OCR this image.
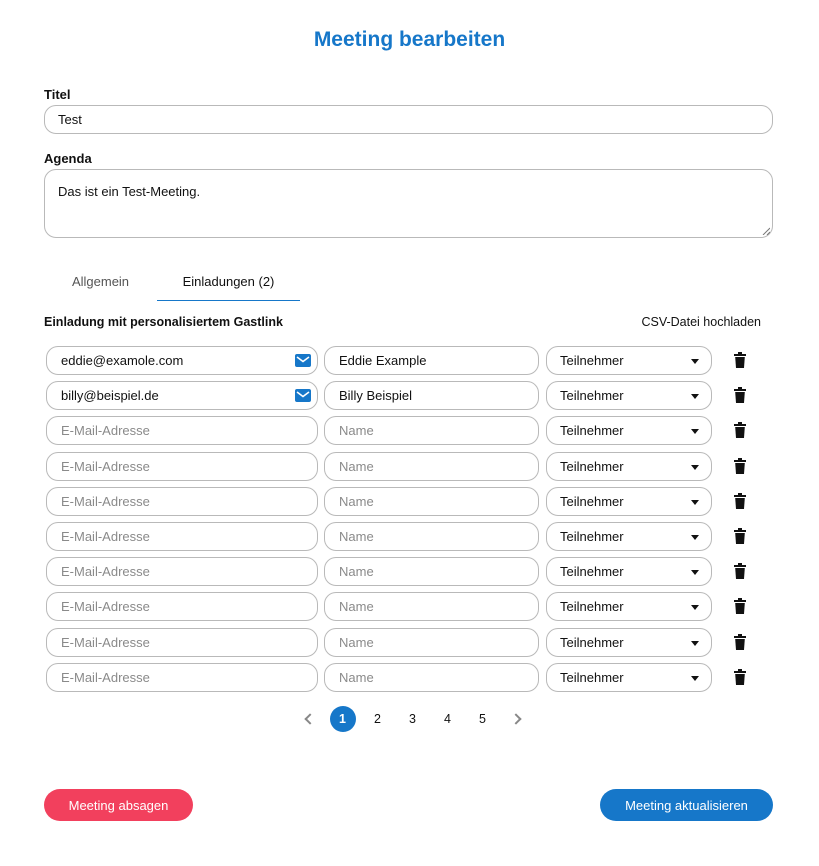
Meeting bearbeiten
Titel
Test
Agenda
Das ist ein Test-Meeting.
Allgemein	Einladungen (2)
Einladung mit personalisiertem Gastlink	CSV-Datei hochladen
eddie@examole.com	Eddie Example	Teilnehmer
billy@beispiel.de	Billy Beispiel	Teilnehmer
E-Mail-Adresse	Name	Teilnehmer
E-Mail-Adresse	Name	Teilnehmer
E-Mail-Adresse	Name	Teilnehmer
E-Mail-Adresse	Name	Teilnehmer
E-Mail-Adresse	Name	Teilnehmer
E-Mail-Adresse	Name	Teilnehmer
E-Mail-Adresse	Name	Teilnehmer
E-Mail-Adresse	Name	Teilnehmer
1	2	3	4	5
Meeting absagen	Meeting aktualisieren
